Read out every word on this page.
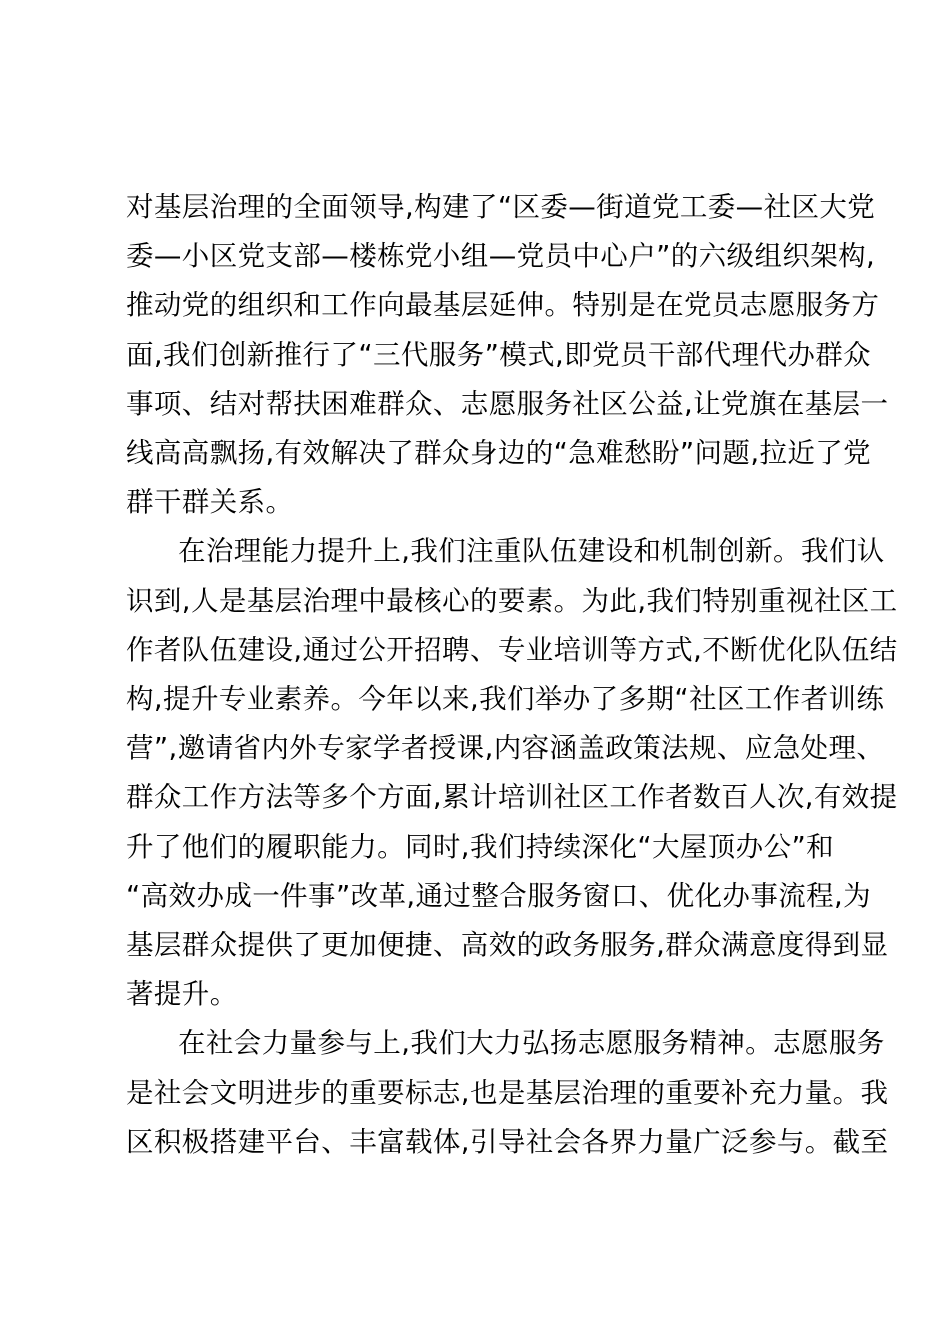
对基层治理的全面领导,构建了“区委—街道党工委—社区大党
委—小区党支部—楼栋党小组—党员中心户”的六级组织架构,
推动党的组织和工作向最基层延伸。特别是在党员志愿服务方
面,我们创新推行了“三代服务”模式,即党员干部代理代办群众
事项、结对帮扶困难群众、志愿服务社区公益,让党旗在基层一
线高高飘扬,有效解决了群众身边的“急难愁盼”问题,拉近了党
群干群关系。

在治理能力提升上,我们注重队伍建设和机制创新。我们认
识到,人是基层治理中最核心的要素。为此,我们特别重视社区工
作者队伍建设,通过公开招聘、专业培训等方式,不断优化队伍结
构,提升专业素养。今年以来,我们举办了多期“社区工作者训练
营”,邀请省内外专家学者授课,内容涵盖政策法规、应急处理、
群众工作方法等多个方面,累计培训社区工作者数百人次,有效提
升了他们的履职能力。同时,我们持续深化“大屋顶办公”和
“高效办成一件事”改革,通过整合服务窗口、优化办事流程,为
基层群众提供了更加便捷、高效的政务服务,群众满意度得到显
著提升。

在社会力量参与上,我们大力弘扬志愿服务精神。志愿服务
是社会文明进步的重要标志,也是基层治理的重要补充力量。我
区积极搭建平台、丰富载体,引导社会各界力量广泛参与。截至
